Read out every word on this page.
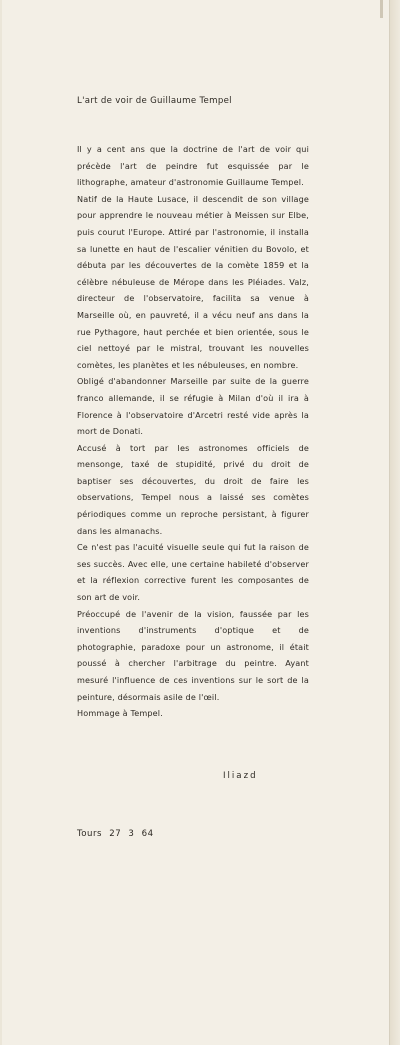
L'art de voir de Guillaume Tempel

Il y a cent ans que la doctrine de l'art de voir qui précède l'art de peindre fut esquissée par le lithographe, amateur d'astronomie Guillaume Tempel.

Natif de la Haute Lusace, il descendit de son village pour apprendre le nouveau métier à Meissen sur Elbe, puis courut l'Europe. Attiré par l'astronomie, il installa sa lunette en haut de l'escalier vénitien du Bovolo, et débuta par les découvertes de la comète 1859 et la célèbre nébuleuse de Mérope dans les Pléiades. Valz, directeur de l'observatoire, facilita sa venue à Marseille où, en pauvreté, il a vécu neuf ans dans la rue Pythagore, haut perchée et bien orientée, sous le ciel nettoyé par le mistral, trouvant les nouvelles comètes, les planètes et les nébuleuses, en nombre.

Obligé d'abandonner Marseille par suite de la guerre franco allemande, il se réfugie à Milan d'où il ira à Florence à l'observatoire d'Arcetri resté vide après la mort de Donati.

Accusé à tort par les astronomes officiels de mensonge, taxé de stupidité, privé du droit de baptiser ses découvertes, du droit de faire les observations, Tempel nous a laissé ses comètes périodiques comme un reproche persistant, à figurer dans les almanachs.

Ce n'est pas l'acuité visuelle seule qui fut la raison de ses succès. Avec elle, une certaine habileté d'observer et la réflexion corrective furent les composantes de son art de voir.

Préoccupé de l'avenir de la vision, faussée par les inventions d'instruments d'optique et de photographie, paradoxe pour un astronome, il était poussé à chercher l'arbitrage du peintre. Ayant mesuré l'influence de ces inventions sur le sort de la peinture, désormais asile de l'œil.

Hommage à Tempel.

Iliazd
Tours 27 3 64
